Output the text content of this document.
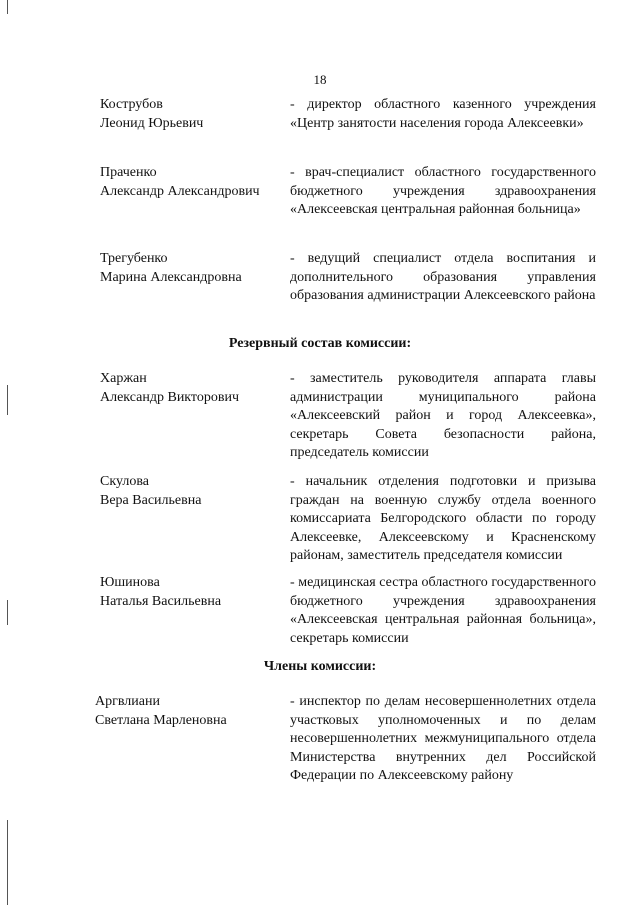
18
Кострубов
Леонид Юрьевич
- директор областного казенного учреждения «Центр занятости населения города Алексеевки»
Праченко
Александр Александрович
- врач-специалист областного государственного бюджетного учреждения здравоохранения «Алексеевская центральная районная больница»
Трегубенко
Марина Александровна
- ведущий специалист отдела воспитания и дополнительного образования управления образования администрации Алексеевского района
Резервный состав комиссии:
Харжан
Александр Викторович
- заместитель руководителя аппарата главы администрации муниципального района «Алексеевский район и город Алексеевка», секретарь Совета безопасности района, председатель комиссии
Скулова
Вера Васильевна
- начальник отделения подготовки и призыва граждан на военную службу отдела военного комиссариата Белгородского области по городу Алексеевке, Алексеевскому и Красненскому районам, заместитель председателя комиссии
Юшинова
Наталья Васильевна
- медицинская сестра областного государственного бюджетного учреждения здравоохранения «Алексеевская центральная районная больница», секретарь комиссии
Члены комиссии:
Аргвлиани
Светлана Марленовна
- инспектор по делам несовершеннолетних отдела участковых уполномоченных и по делам несовершеннолетних межмуниципального отдела Министерства внутренних дел Российской Федерации по Алексеевскому району
